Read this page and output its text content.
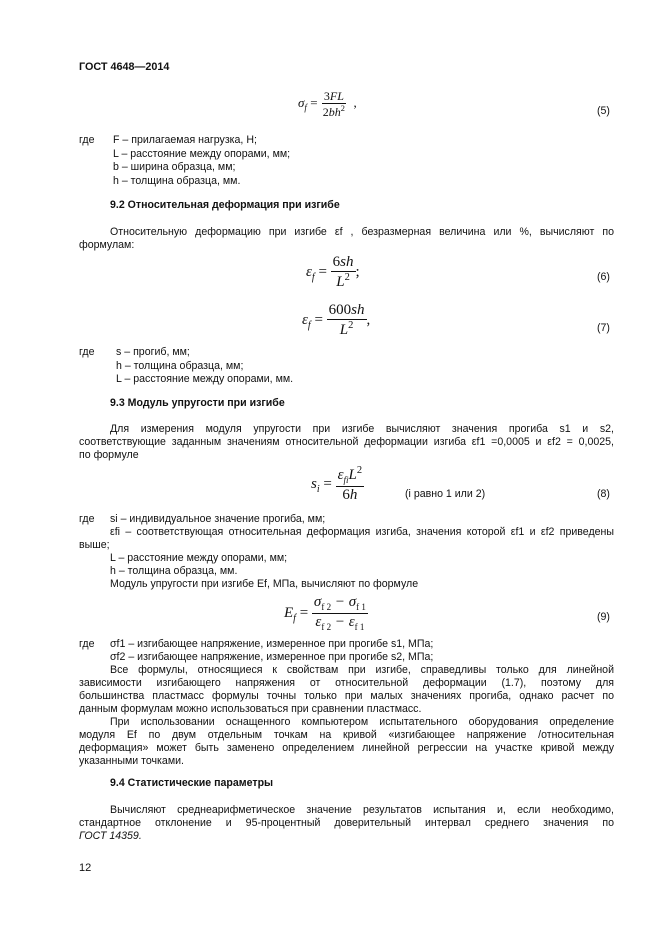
ГОСТ 4648—2014
$\sigma_f = \frac{3FL}{2bh^2}$ ,
(5)
где F – прилагаемая нагрузка, Н;
L – расстояние между опорами, мм;
b – ширина образца, мм;
h – толщина образца, мм.
9.2 Относительная деформация при изгибе
Относительную деформацию при изгибе εf , безразмерная величина или %, вычисляют по
формулам:
$\varepsilon_f = \frac{6sh}{L^2}$ ;	(6)
$\varepsilon_f = \frac{600sh}{L^2}$ ,
(7)
где s – прогиб, мм;
h – толщина образца, мм;
L – расстояние между опорами, мм.
9.3 Модуль упругости при изгибе
Для измерения модуля упругости при изгибе вычисляют значения прогиба s1 и s2,
соответствующие заданным значениям относительной деформации изгиба εf1 =0,0005 и εf2 = 0,0025,
по формуле
$s_i = \frac{\varepsilon_{fi}L^2}{6h}$	(i равно 1 или 2)	(8)
где si – индивидуальное значение прогиба, мм;
εfi – соответствующая относительная деформация изгиба, значения которой εf1 и εf2 приведены
выше;
L – расстояние между опорами, мм;
h – толщина образца, мм.
Модуль упругости при изгибе Ef, МПа, вычисляют по формуле
$E_f = \frac{\sigma_{f 2} - \sigma_{f 1}}{\varepsilon_{f 2} - \varepsilon_{f 1}}$	(9)
где σf1 – изгибающее напряжение, измеренное при прогибе s1, МПа;
σf2 – изгибающее напряжение, измеренное при прогибе s2, МПа;
Все формулы, относящиеся к свойствам при изгибе, справедливы только для линейной
зависимости изгибающего напряжения от относительной деформации (1.7), поэтому для
большинства пластмасс формулы точны только при малых значениях прогиба, однако расчет по
данным формулам можно использоваться при сравнении пластмасс.
При использовании оснащенного компьютером испытательного оборудования определение
модуля Ef по двум отдельным точкам на кривой «изгибающее напряжение /относительная
деформация» может быть заменено определением линейной регрессии на участке кривой между
указанными точками.
9.4 Статистические параметры
Вычисляют среднеарифметическое значение результатов испытания и, если необходимо,
стандартное отклонение и 95-процентный доверительный интервал среднего значения по
ГОСТ 14359.
12
